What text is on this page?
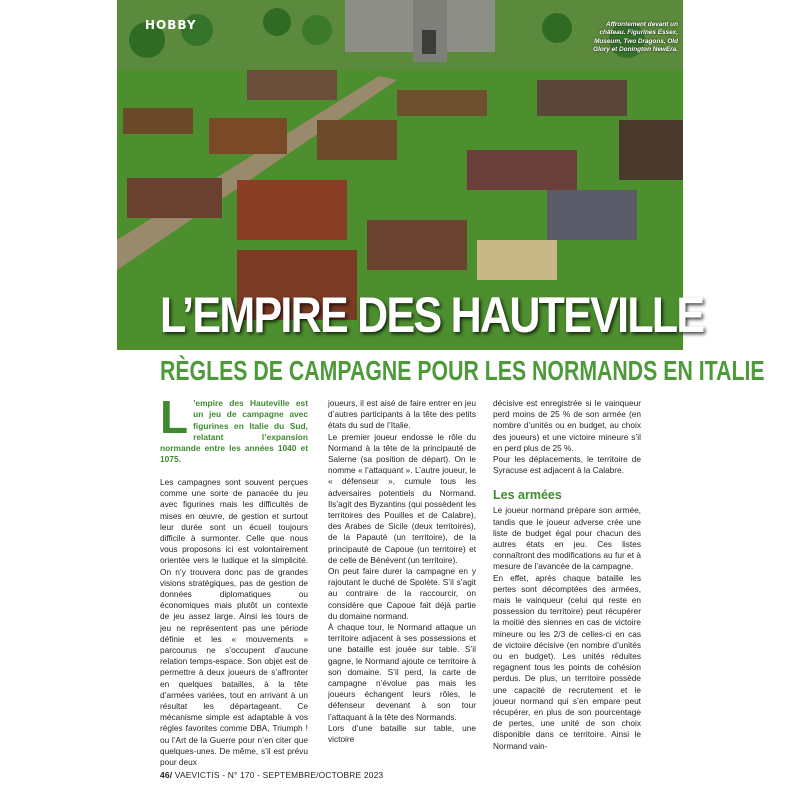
HOBBY	Affrontement devant un château. Figurines Essex, Museum, Two Dragons, Old Glory et Donington NewEra.
L’EMPIRE DES HAUTEVILLE
RÈGLES DE CAMPAGNE POUR LES NORMANDS EN ITALIE
L ’empire des Hauteville est un jeu de campagne avec figurines en Italie du Sud, relatant l’expansion normande entre les années 1040 et 1075.

Les campagnes sont souvent perçues comme une sorte de panacée du jeu avec figurines mais les difficultés de mises en œuvre, de gestion et surtout leur durée sont un écueil toujours difficile à surmonter. Celle que nous vous proposons ici est volontairement orientée vers le ludique et la simplicité. On n’y trouvera donc pas de grandes visions stratégiques, pas de gestion de données diplomatiques ou économiques mais plutôt un contexte de jeu assez large. Ainsi les tours de jeu ne représentent pas une période définie et les « mouvements » parcourus ne s’occupent d’aucune relation temps-espace. Son objet est de permettre à deux joueurs de s’affronter en quelques batailles, à la tête d’armées variées, tout en arrivant à un résultat les départageant. Ce mécanisme simple est adaptable à vos règles favorites comme DBA, Triumph ! ou l’Art de la Guerre pour n’en citer que quelques-unes. De même, s’il est prévu pour deux

joueurs, il est aisé de faire entrer en jeu d’autres participants à la tête des petits états du sud de l’Italie.

Le premier joueur endosse le rôle du Normand à la tête de la principauté de Salerne (sa position de départ). On le nomme « l’attaquant ». L’autre joueur, le « défenseur », cumule tous les adversaires potentiels du Normand. Ils’agit des Byzantins (qui possèdent les territoires des Pouilles et de Calabre), des Arabes de Sicile (deux territoires), de la Papauté (un territoire), de la principauté de Capoue (un territoire) et de celle de Bénévent (un territoire).

On peut faire durer la campagne en y rajoutant le duché de Spolète. S’il s’agit au contraire de la raccourcir, on considère que Capoue fait déjà partie du domaine normand.

À chaque tour, le Normand attaque un territoire adjacent à ses possessions et une bataille est jouée sur table. S’il gagne, le Normand ajoute ce territoire à son domaine. S’il perd, la carte de campagne n’évolue pas mais les joueurs échangent leurs rôles, le défenseur devenant à son tour l’attaquant à la tête des Normands.

Lors d’une bataille sur table, une victoire

décisive est enregistrée si le vainqueur perd moins de 25 % de son armée (en nombre d’unités ou en budget, au choix des joueurs) et une victoire mineure s’il en perd plus de 25 %.

Pour les déplacements, le territoire de Syracuse est adjacent à la Calabre.

Les armées

Le joueur normand prépare son armée, tandis que le joueur adverse crée une liste de budget égal pour chacun des autres états en jeu. Ces listes connaîtront des modifications au fur et à mesure de l’avancée de la campagne.

En effet, après chaque bataille les pertes sont décomptées des armées, mais le vainqueur (celui qui reste en possession du territoire) peut récupérer la moitié des siennes en cas de victoire mineure ou les 2/3 de celles-ci en cas de victoire décisive (en nombre d’unités ou en budget). Les unités réduites regagnent tous les points de cohésion perdus. De plus, un territoire possède une capacité de recrutement et le joueur normand qui s’en empare peut récupérer, en plus de son pourcentage de pertes, une unité de son choix disponible dans ce territoire. Ainsi le Normand vain-

46/ VAEVICTIS - N° 170 - SEPTEMBRE/OCTOBRE 2023
